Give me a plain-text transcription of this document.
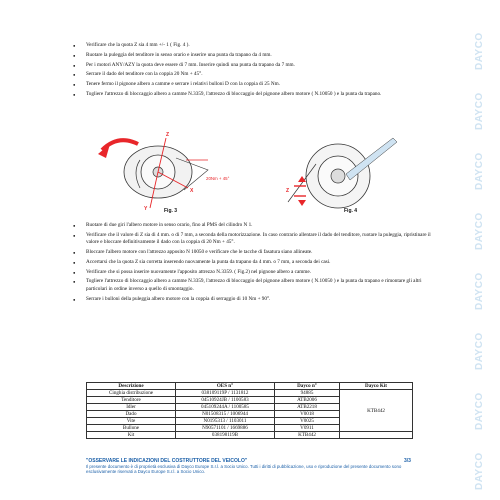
DAYCO
DAYCO
DAYCO
DAYCO
DAYCO
DAYCO
DAYCO
DAYCO
● Verificare che la quota Z sia 4 mm +/- 1 ( Fig. 4 ).
● Ruotare la puleggia del tenditore in senso orario e inserire una punta da trapano da 4 mm.
● Per i motori ANY/AZY la quota deve essere di 7 mm. Inserire quindi una punta da trapano da 7 mm.
● Serrare il dado del tenditore con la coppia 20 Nm + 45°.
● Tenere fermo il pignone albero a camme e serrare i relativi bulloni D con la coppia di 25 Nm.
● Togliere l'attrezzo di bloccaggio albero a camme N.3359, l'attrezzo di bloccaggio del pignone albero motore ( N.10050 ) e la punta da trapano.
20Nm + 45°
Z
X
Y
Z
Fig. 3	Fig. 4
● Ruotare di due giri l'albero motore in senso orario, fino al PMS del cilindro N 1.
● Verificare che il valore di Z sia di 4 mm. o di 7 mm, a seconda della motorizzazione. In caso contrario allentare il dado del tenditore, ruotare la puleggia, ripristinare il valore e bloccare definitivamente il dado con la coppia di 20 Nm + 45°.
● Bloccare l'albero motore con l'attrezzo apposito N 10050 e verificare che le tacche di fasatura siano allineate.
● Accertarsi che la quota Z sia corretta inserendo nuovamente la punta da trapano da 4 mm. o 7 mm, a seconda dei casi.
● Verificare che si possa inserire nuovamente l'apposito attrezzo N.3359. ( Fig.2) nel pignone albero a camme.
● Togliere l'attrezzo di bloccaggio albero a camme N.3359, l'attrezzo di bloccaggio del pignone albero motore ( N.10050 ) e la punta da trapano e rimontare gli altri particolari in ordine inverso a quello di smontaggio.
● Serrare i bulloni della puleggia albero motore con la coppia di serraggio di 10 Nm + 90°.
Descrizione	OES n°	Dayco n°	Dayco Kit
Cinghia distribuzione	038109119P / 1131812	94885	KTB442
Tenditore	04510924JB / 1100583	ATB2006	
Idler	045109244A / 1100585	ATB2218	
Dado	N01508315 / 1006944	V0018	
Vite	N0195313 / 1103011	V0025	
Bullone	N90571101 / 1669886	V0911	
Kit	038198119B	KTB442	
"OSSERVARE LE INDICAZIONI DEL COSTRUTTORE DEL VEICOLO"
Il presente documento è di proprietà esclusiva di Dayco Europe S.r.l. a Socio Unico. Tutti i diritti di pubblicazione, uso e riproduzione del presente documento sono esclusivamente riservati a Dayco Europe S.r.l. a Socio Unico.
3/3
